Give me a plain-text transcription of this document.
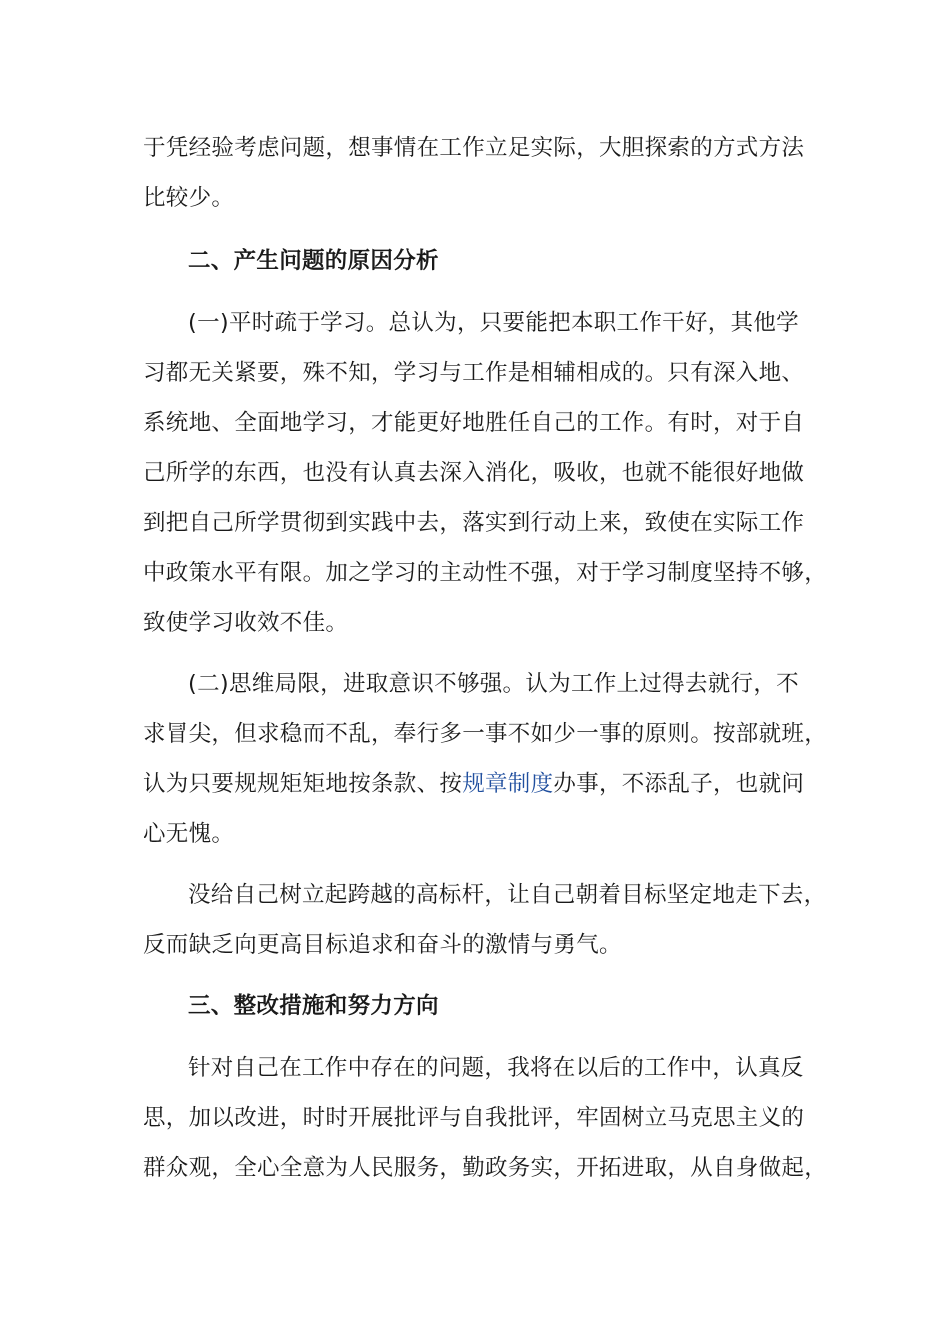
于凭经验考虑问题，想事情在工作立足实际，大胆探索的方式方法
比较少。

二、产生问题的原因分析

(一)平时疏于学习。总认为，只要能把本职工作干好，其他学
习都无关紧要，殊不知，学习与工作是相辅相成的。只有深入地、
系统地、全面地学习，才能更好地胜任自己的工作。有时，对于自
己所学的东西，也没有认真去深入消化，吸收，也就不能很好地做
到把自己所学贯彻到实践中去，落实到行动上来，致使在实际工作
中政策水平有限。加之学习的主动性不强，对于学习制度坚持不够，
致使学习收效不佳。

(二)思维局限，进取意识不够强。认为工作上过得去就行，不
求冒尖，但求稳而不乱，奉行多一事不如少一事的原则。按部就班，
认为只要规规矩矩地按条款、按规章制度办事，不添乱子，也就问
心无愧。

没给自己树立起跨越的高标杆，让自己朝着目标坚定地走下去，
反而缺乏向更高目标追求和奋斗的激情与勇气。

三、整改措施和努力方向

针对自己在工作中存在的问题，我将在以后的工作中，认真反
思，加以改进，时时开展批评与自我批评，牢固树立马克思主义的
群众观，全心全意为人民服务，勤政务实，开拓进取，从自身做起，
